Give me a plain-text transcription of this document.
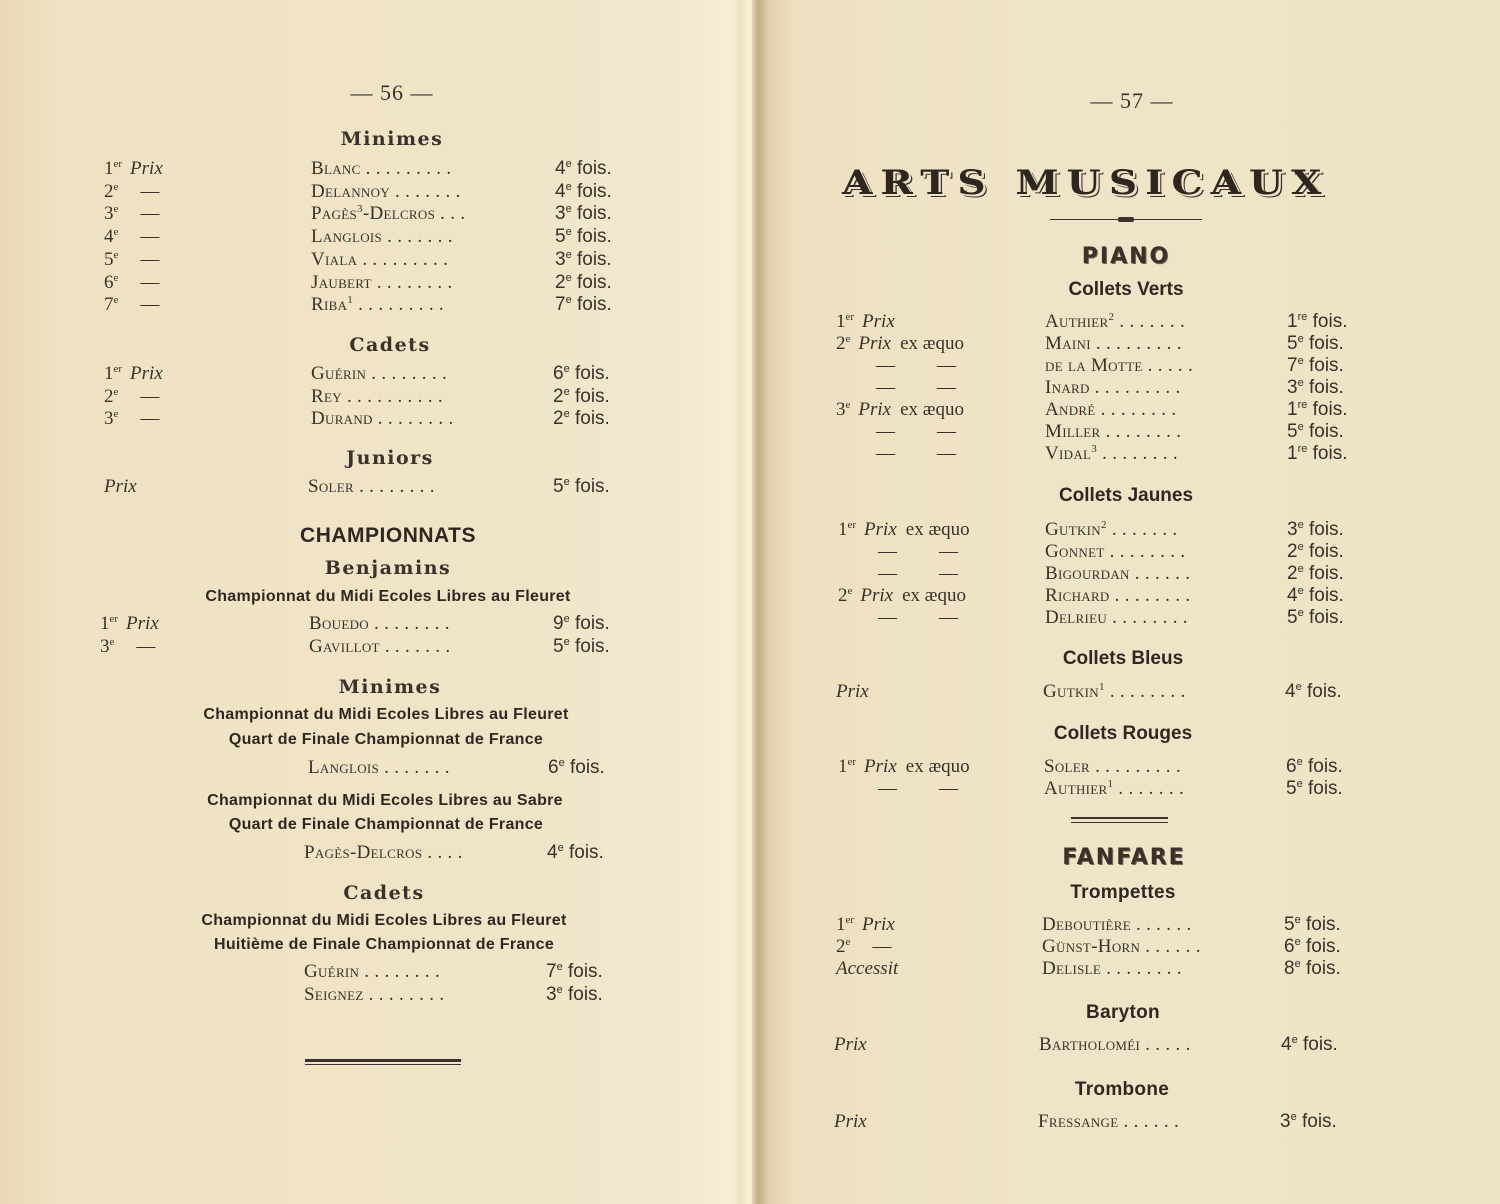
— 56 —
Minimes
1er Prix	Blanc . . . . . . . . .	4e fois.
2e —	Delannoy . . . . . . .	4e fois.
3e —	Pagès$^3$-Delcros . . .	3e fois.
4e —	Langlois . . . . . . .	5e fois.
5e —	Viala . . . . . . . . .	3e fois.
6e —	Jaubert . . . . . . . .	2e fois.
7e —	Riba$^1$ . . . . . . . . .	7e fois.
Cadets
1er Prix	Guérin . . . . . . . .	6e fois.
2e —	Rey . . . . . . . . . .	2e fois.
3e —	Durand . . . . . . . .	2e fois.
Juniors
Prix	Soler . . . . . . . .	5e fois.
CHAMPIONNATS
Benjamins
Championnat du Midi Ecoles Libres au Fleuret
1er Prix	Bouedo . . . . . . . .	9e fois.
3e —	Gavillot . . . . . . .	5e fois.
Minimes
Championnat du Midi Ecoles Libres au Fleuret
Quart de Finale Championnat de France
Langlois . . . . . . .	6e fois.
Championnat du Midi Ecoles Libres au Sabre
Quart de Finale Championnat de France
Pagès-Delcros . . . .	4e fois.
Cadets
Championnat du Midi Ecoles Libres au Fleuret
Huitième de Finale Championnat de France
Guérin . . . . . . . .	7e fois.
Seignez . . . . . . . .	3e fois.
— 57 —
ARTS MUSICAUX
PIANO
Collets Verts
1er Prix	Authier$^2$ . . . . . . .	1re fois.
2e Prix ex æquo	Maini . . . . . . . . .	5e fois.
— —	de la Motte . . . . .	7e fois.
— —	Inard . . . . . . . . .	3e fois.
3e Prix ex æquo	André . . . . . . . .	1re fois.
— —	Miller . . . . . . . .	5e fois.
— —	Vidal$^3$ . . . . . . . .	1re fois.
Collets Jaunes
1er Prix ex æquo	Gutkin$^2$ . . . . . . .	3e fois.
— —	Gonnet . . . . . . . .	2e fois.
— —	Bigourdan . . . . . .	2e fois.
2e Prix ex æquo	Richard . . . . . . . .	4e fois.
— —	Delrieu . . . . . . . .	5e fois.
Collets Bleus
Prix	Gutkin$^1$ . . . . . . . .	4e fois.
Collets Rouges
1er Prix ex æquo	Soler . . . . . . . . .	6e fois.
— —	Authier$^1$ . . . . . . .	5e fois.
FANFARE
Trompettes
1er Prix	Deboutière . . . . . .	5e fois.
2e —	Günst-Horn . . . . . .	6e fois.
Accessit	Delisle . . . . . . . .	8e fois.
Baryton
Prix	Bartholoméi . . . . .	4e fois.
Trombone
Prix	Fressange . . . . . .	3e fois.
